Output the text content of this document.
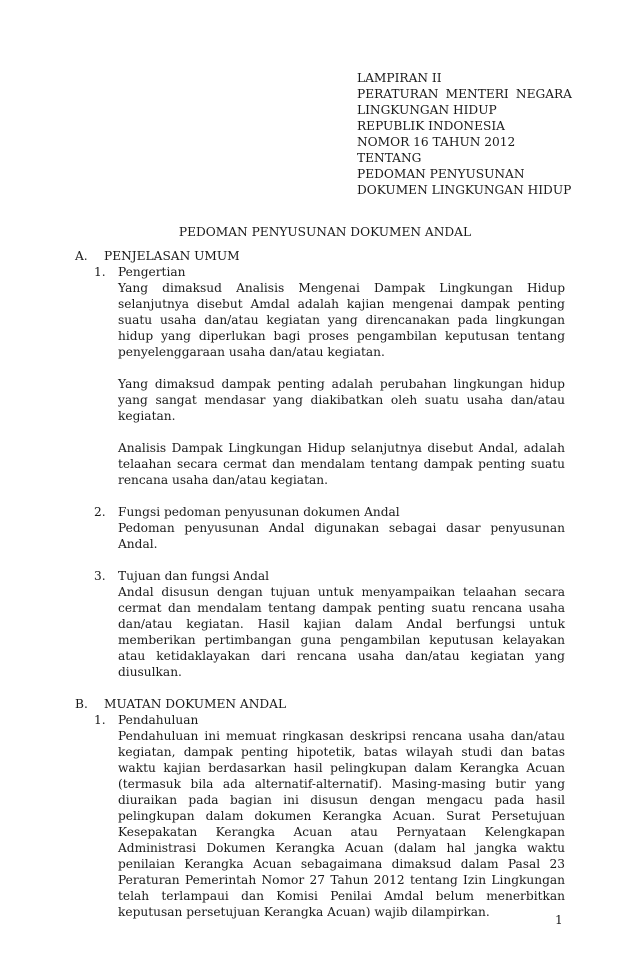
LAMPIRAN II
PERATURAN MENTERI NEGARA
LINGKUNGAN HIDUP
REPUBLIK INDONESIA
NOMOR 16 TAHUN 2012
TENTANG
PEDOMAN PENYUSUNAN
DOKUMEN LINGKUNGAN HIDUP
PEDOMAN PENYUSUNAN DOKUMEN ANDAL
A.	PENJELASAN UMUM
1.	Pengertian
Yang dimaksud Analisis Mengenai Dampak Lingkungan Hidup selanjutnya disebut Amdal adalah kajian mengenai dampak penting suatu usaha dan/atau kegiatan yang direncanakan pada lingkungan hidup yang diperlukan bagi proses pengambilan keputusan tentang penyelenggaraan usaha dan/atau kegiatan.
Yang dimaksud dampak penting adalah perubahan lingkungan hidup yang sangat mendasar yang diakibatkan oleh suatu usaha dan/atau kegiatan.
Analisis Dampak Lingkungan Hidup selanjutnya disebut Andal, adalah telaahan secara cermat dan mendalam tentang dampak penting suatu rencana usaha dan/atau kegiatan.
2.	Fungsi pedoman penyusunan dokumen Andal
Pedoman penyusunan Andal digunakan sebagai dasar penyusunan Andal.
3.	Tujuan dan fungsi Andal
Andal disusun dengan tujuan untuk menyampaikan telaahan secara cermat dan mendalam tentang dampak penting suatu rencana usaha dan/atau kegiatan. Hasil kajian dalam Andal berfungsi untuk memberikan pertimbangan guna pengambilan keputusan kelayakan atau ketidaklayakan dari rencana usaha dan/atau kegiatan yang diusulkan.
B.	MUATAN DOKUMEN ANDAL
1.	Pendahuluan
Pendahuluan ini memuat ringkasan deskripsi rencana usaha dan/atau kegiatan, dampak penting hipotetik, batas wilayah studi dan batas waktu kajian berdasarkan hasil pelingkupan dalam Kerangka Acuan (termasuk bila ada alternatif-alternatif). Masing-masing butir yang diuraikan pada bagian ini disusun dengan mengacu pada hasil pelingkupan dalam dokumen Kerangka Acuan. Surat Persetujuan Kesepakatan Kerangka Acuan atau Pernyataan Kelengkapan Administrasi Dokumen Kerangka Acuan (dalam hal jangka waktu penilaian Kerangka Acuan sebagaimana dimaksud dalam Pasal 23 Peraturan Pemerintah Nomor 27 Tahun 2012 tentang Izin Lingkungan telah terlampaui dan Komisi Penilai Amdal belum menerbitkan keputusan persetujuan Kerangka Acuan) wajib dilampirkan.
1
